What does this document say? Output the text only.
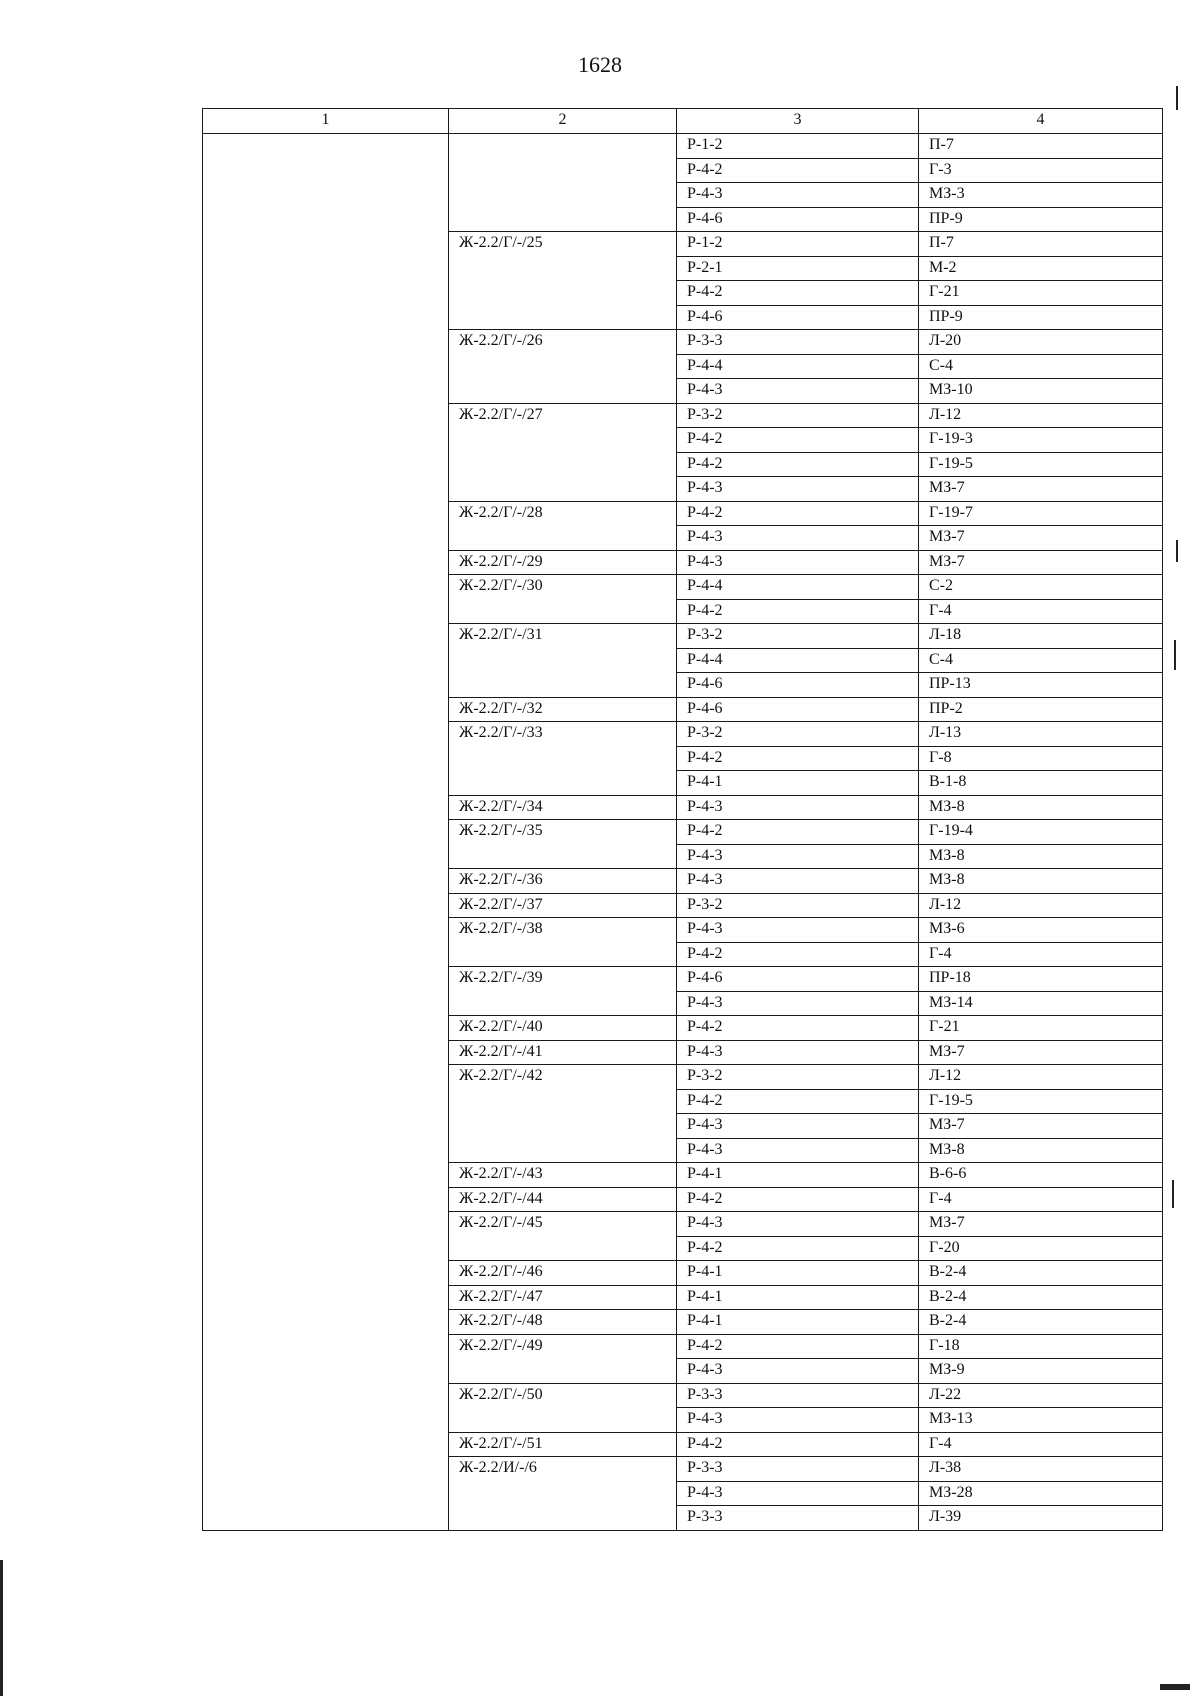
1628
1	2	3	4
		Р-1-2	П-7
		Р-4-2	Г-3
		Р-4-3	МЗ-3
		Р-4-6	ПР-9
	Ж-2.2/Г/-/25	Р-1-2	П-7
		Р-2-1	М-2
		Р-4-2	Г-21
		Р-4-6	ПР-9
	Ж-2.2/Г/-/26	Р-3-3	Л-20
		Р-4-4	С-4
		Р-4-3	МЗ-10
	Ж-2.2/Г/-/27	Р-3-2	Л-12
		Р-4-2	Г-19-3
		Р-4-2	Г-19-5
		Р-4-3	МЗ-7
	Ж-2.2/Г/-/28	Р-4-2	Г-19-7
		Р-4-3	МЗ-7
	Ж-2.2/Г/-/29	Р-4-3	МЗ-7
	Ж-2.2/Г/-/30	Р-4-4	С-2
		Р-4-2	Г-4
	Ж-2.2/Г/-/31	Р-3-2	Л-18
		Р-4-4	С-4
		Р-4-6	ПР-13
	Ж-2.2/Г/-/32	Р-4-6	ПР-2
	Ж-2.2/Г/-/33	Р-3-2	Л-13
		Р-4-2	Г-8
		Р-4-1	В-1-8
	Ж-2.2/Г/-/34	Р-4-3	МЗ-8
	Ж-2.2/Г/-/35	Р-4-2	Г-19-4
		Р-4-3	МЗ-8
	Ж-2.2/Г/-/36	Р-4-3	МЗ-8
	Ж-2.2/Г/-/37	Р-3-2	Л-12
	Ж-2.2/Г/-/38	Р-4-3	МЗ-6
		Р-4-2	Г-4
	Ж-2.2/Г/-/39	Р-4-6	ПР-18
		Р-4-3	МЗ-14
	Ж-2.2/Г/-/40	Р-4-2	Г-21
	Ж-2.2/Г/-/41	Р-4-3	МЗ-7
	Ж-2.2/Г/-/42	Р-3-2	Л-12
		Р-4-2	Г-19-5
		Р-4-3	МЗ-7
		Р-4-3	МЗ-8
	Ж-2.2/Г/-/43	Р-4-1	В-6-6
	Ж-2.2/Г/-/44	Р-4-2	Г-4
	Ж-2.2/Г/-/45	Р-4-3	МЗ-7
		Р-4-2	Г-20
	Ж-2.2/Г/-/46	Р-4-1	В-2-4
	Ж-2.2/Г/-/47	Р-4-1	В-2-4
	Ж-2.2/Г/-/48	Р-4-1	В-2-4
	Ж-2.2/Г/-/49	Р-4-2	Г-18
		Р-4-3	МЗ-9
	Ж-2.2/Г/-/50	Р-3-3	Л-22
		Р-4-3	МЗ-13
	Ж-2.2/Г/-/51	Р-4-2	Г-4
	Ж-2.2/И/-/6	Р-3-3	Л-38
		Р-4-3	МЗ-28
		Р-3-3	Л-39
